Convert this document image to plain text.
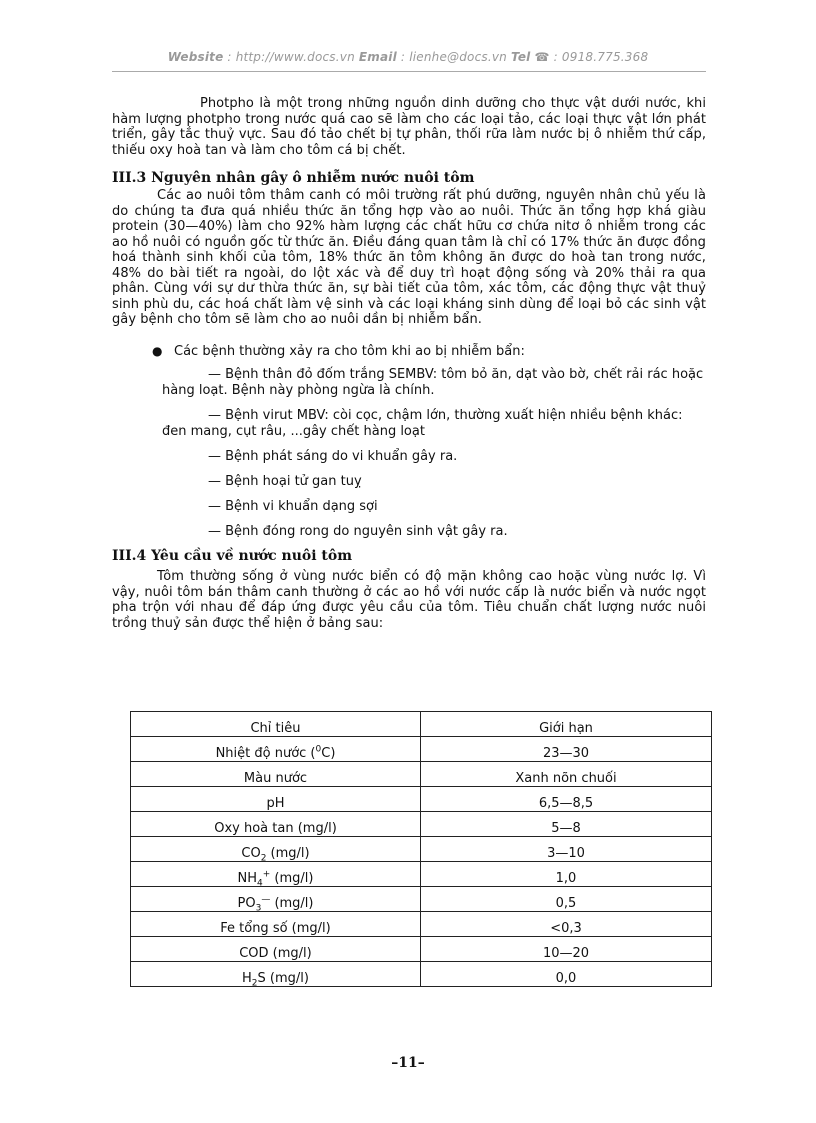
Website : http://www.docs.vn Email : lienhe@docs.vn Tel ☎ : 0918.775.368

Photpho là một trong những nguồn dinh dưỡng cho thực vật dưới nước, khi hàm lượng photpho trong nước quá cao sẽ làm cho các loại tảo, các loại thực vật lớn phát triển, gây tắc thuỷ vực. Sau đó tảo chết bị tự phân, thối rữa làm nước bị ô nhiễm thứ cấp, thiếu oxy hoà tan và làm cho tôm cá bị chết.

III.3 Nguyên nhân gây ô nhiễm nước nuôi tôm

Các ao nuôi tôm thâm canh có môi trường rất phú dưỡng, nguyên nhân chủ yếu là do chúng ta đưa quá nhiều thức ăn tổng hợp vào ao nuôi. Thức ăn tổng hợp khá giàu protein (30—40%) làm cho 92% hàm lượng các chất hữu cơ chứa nitơ ô nhiễm trong các ao hồ nuôi có nguồn gốc từ thức ăn. Điều đáng quan tâm là chỉ có 17% thức ăn được đồng hoá thành sinh khối của tôm, 18% thức ăn tôm không ăn được do hoà tan trong nước, 48% do bài tiết ra ngoài, do lột xác và để duy trì hoạt động sống và 20% thải ra qua phân. Cùng với sự dư thừa thức ăn, sự bài tiết của tôm, xác tôm, các động thực vật thuỷ sinh phù du, các hoá chất làm vệ sinh và các loại kháng sinh dùng để loại bỏ các sinh vật gây bệnh cho tôm sẽ làm cho ao nuôi dần bị nhiễm bẩn.

● Các bệnh thường xảy ra cho tôm khi ao bị nhiễm bẩn:
— Bệnh thân đỏ đốm trắng SEMBV: tôm bỏ ăn, dạt vào bờ, chết rải rác hoặc hàng loạt. Bệnh này phòng ngừa là chính.
— Bệnh virut MBV: còi cọc, chậm lớn, thường xuất hiện nhiều bệnh khác: đen mang, cụt râu, ...gây chết hàng loạt
— Bệnh phát sáng do vi khuẩn gây ra.
— Bệnh hoại tử gan tuỵ
— Bệnh vi khuẩn dạng sợi
— Bệnh đóng rong do nguyên sinh vật gây ra.
III.4 Yêu cầu về nước nuôi tôm

Tôm thường sống ở vùng nước biển có độ mặn không cao hoặc vùng nước lợ. Vì vậy, nuôi tôm bán thâm canh thường ở các ao hồ với nước cấp là nước biển và nước ngọt pha trộn với nhau để đáp ứng được yêu cầu của tôm. Tiêu chuẩn chất lượng nước nuôi trồng thuỷ sản được thể hiện ở bảng sau:

Chỉ tiêu	Giới hạn
Nhiệt độ nước ($^0$C)	23—30
Màu nước	Xanh nõn chuối
pH	6,5—8,5
Oxy hoà tan (mg/l)	5—8
$CO_2$ (mg/l)	3—10
$NH_4^+$ (mg/l)	1,0
$PO_3^—$ (mg/l)	0,5
Fe tổng số (mg/l)	<0,3
COD (mg/l)	10—20
$H_2S$ (mg/l)	0,0
–11–
